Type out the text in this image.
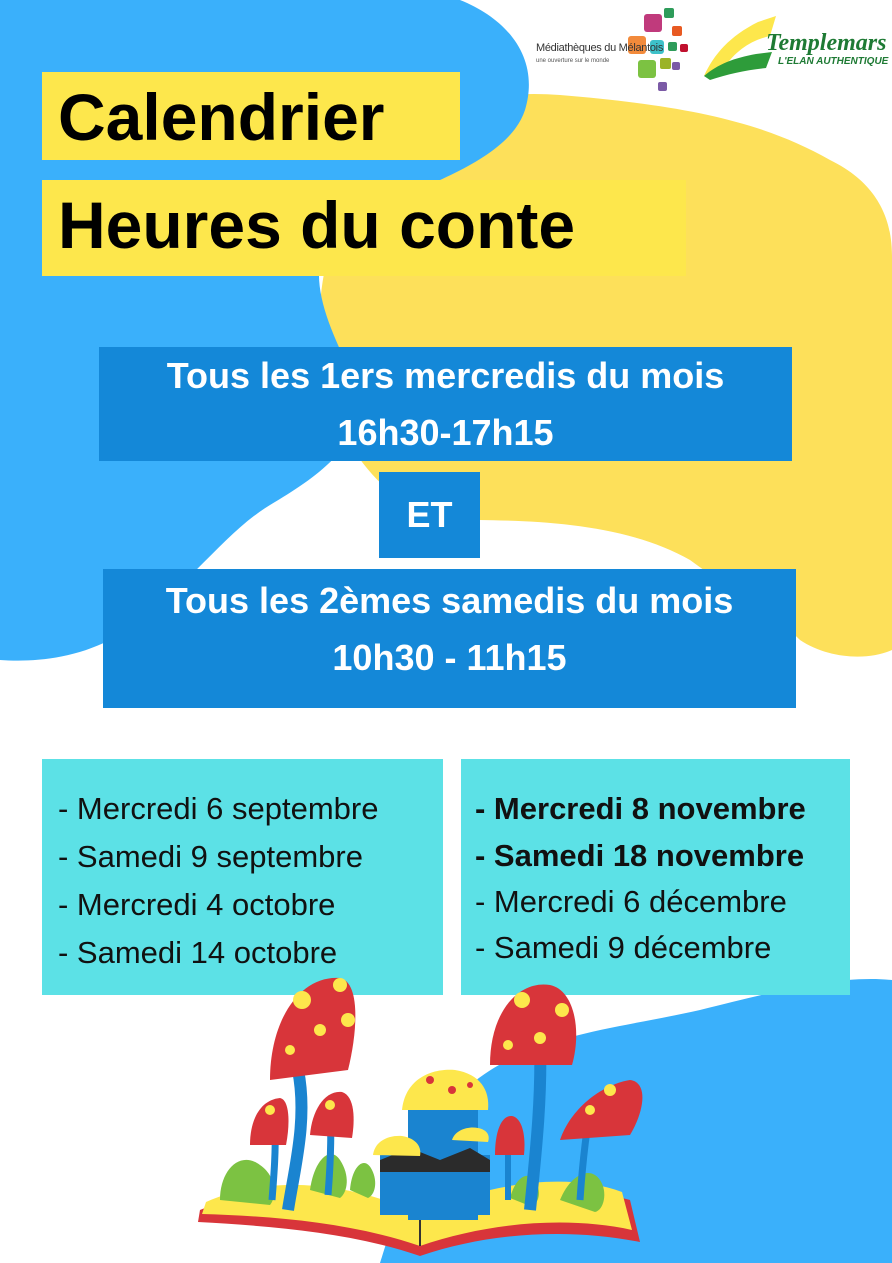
Médiathèques du Mélantois
une ouverture sur le monde
Templemars
L'ELAN AUTHENTIQUE
Calendrier
Heures du conte
Tous les 1ers mercredis du mois
16h30-17h15
ET
Tous les 2èmes samedis du mois
10h30 - 11h15
- Mercredi 6 septembre
- Samedi 9 septembre
- Mercredi 4 octobre
- Samedi 14 octobre
- Mercredi 8 novembre
- Samedi 18 novembre
- Mercredi 6 décembre
- Samedi 9 décembre
